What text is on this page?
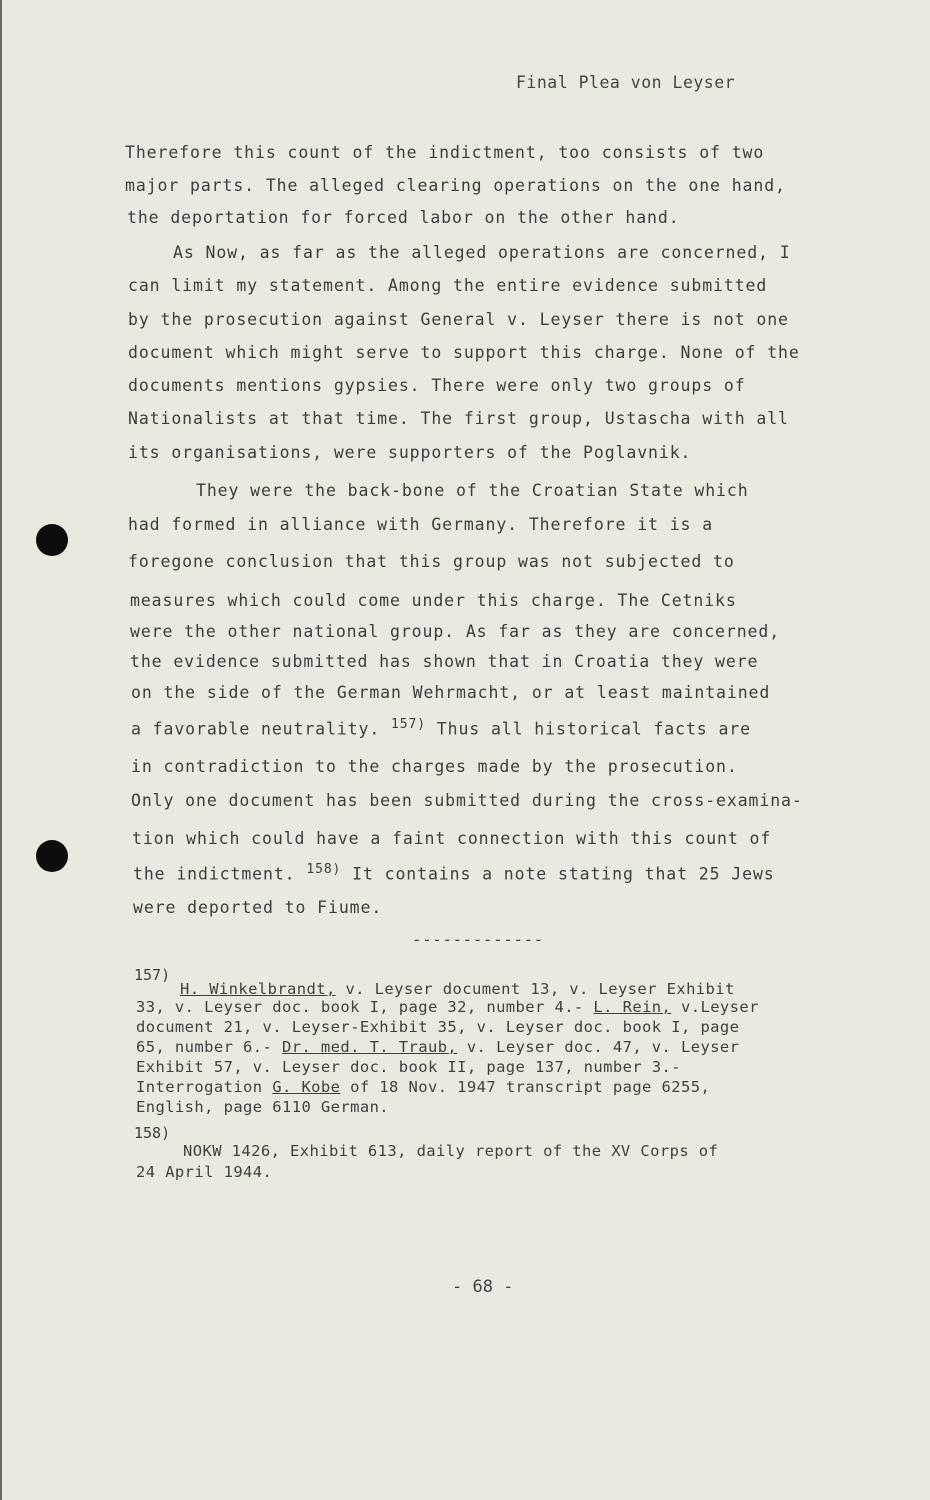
Final Plea von Leyser
Therefore this count of the indictment, too consists of two
major parts. The alleged clearing operations on the one hand,
the deportation for forced labor on the other hand.
As Now, as far as the alleged operations are concerned, I
can limit my statement. Among the entire evidence submitted
by the prosecution against General v. Leyser there is not one
document which might serve to support this charge. None of the
documents mentions gypsies. There were only two groups of
Nationalists at that time. The first group, Ustascha with all
its organisations, were supporters of the Poglavnik.
They were the back-bone of the Croatian State which
had formed in alliance with Germany. Therefore it is a
foregone conclusion that this group was not subjected to
measures which could come under this charge. The Cetniks
were the other national group. As far as they are concerned,
the evidence submitted has shown that in Croatia they were
on the side of the German Wehrmacht, or at least maintained
a favorable neutrality. $^{157)}$ Thus all historical facts are
in contradiction to the charges made by the prosecution.
Only one document has been submitted during the cross-examina-
tion which could have a faint connection with this count of
the indictment. $^{158)}$ It contains a note stating that 25 Jews
were deported to Fiume.
-------------
157)
H. Winkelbrandt, v. Leyser document 13, v. Leyser Exhibit
33, v. Leyser doc. book I, page 32, number 4.- L. Rein, v.Leyser
document 21, v. Leyser-Exhibit 35, v. Leyser doc. book I, page
65, number 6.- Dr. med. T. Traub, v. Leyser doc. 47, v. Leyser
Exhibit 57, v. Leyser doc. book II, page 137, number 3.-
Interrogation G. Kobe of 18 Nov. 1947 transcript page 6255,
English, page 6110 German.
158)
NOKW 1426, Exhibit 613, daily report of the XV Corps of
24 April 1944.
- 68 -
